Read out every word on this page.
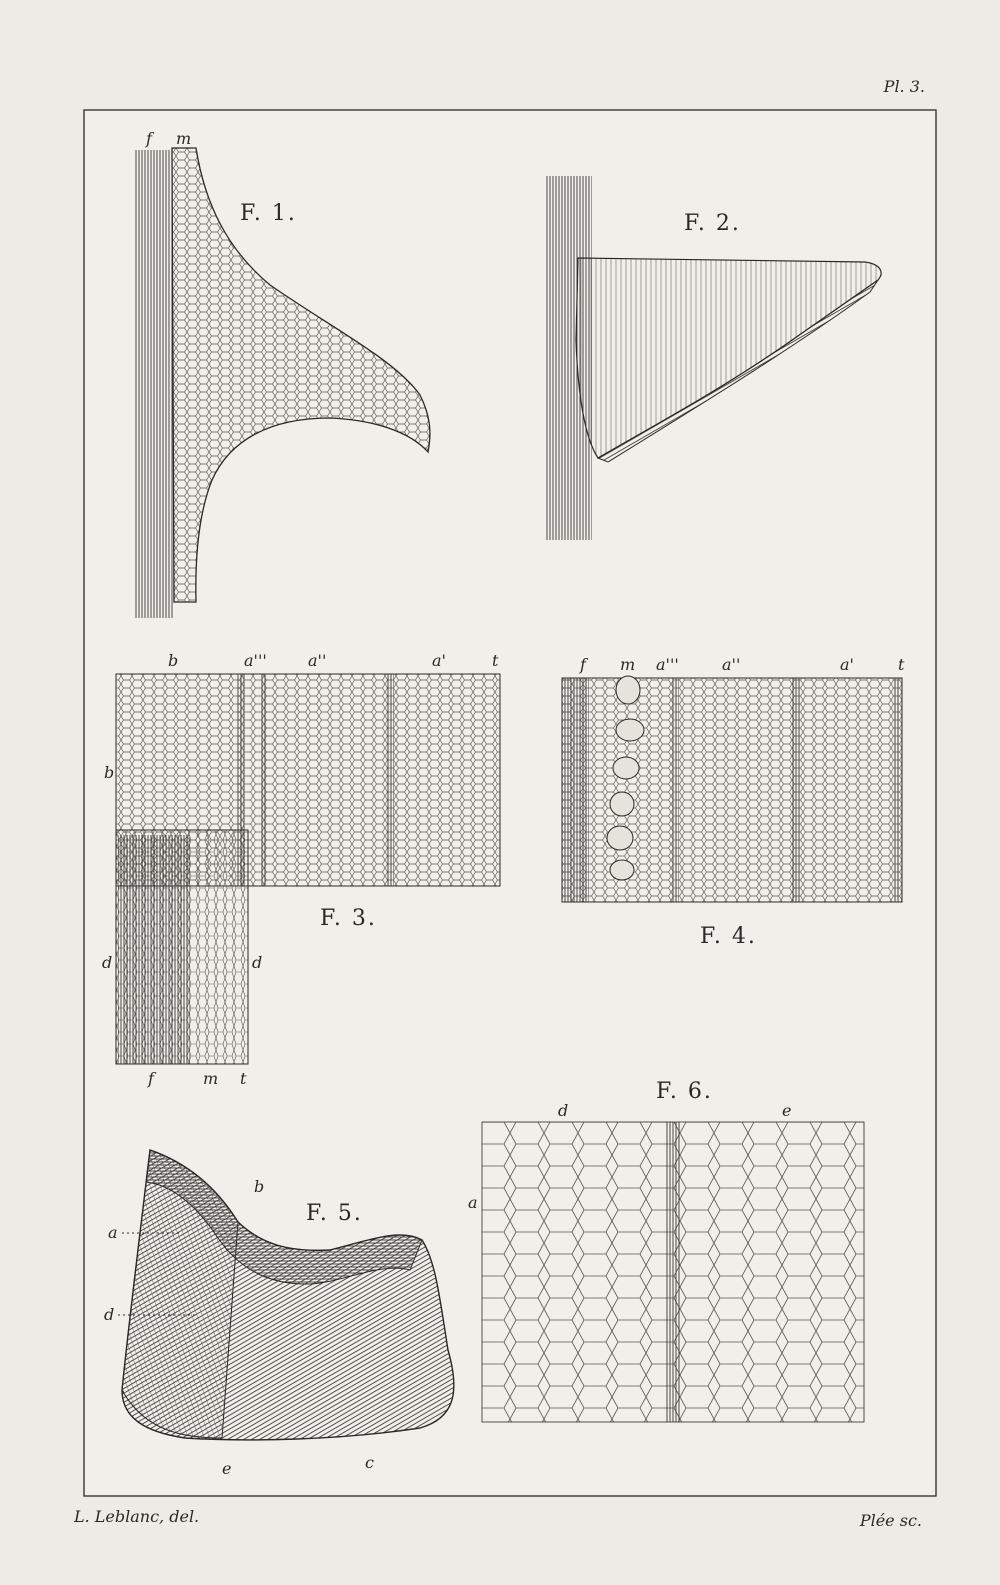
Pl. 3.
f m
F. 1.	F. 2.
b	a'''	a''	a'	t
b
d	d
f	m t
F. 3.
f m a'''	a''	a'	t
F. 4.
b
a
d
e	c
F. 5.
d	e
a
F. 6.
L. Leblanc, del.	Plée sc.
